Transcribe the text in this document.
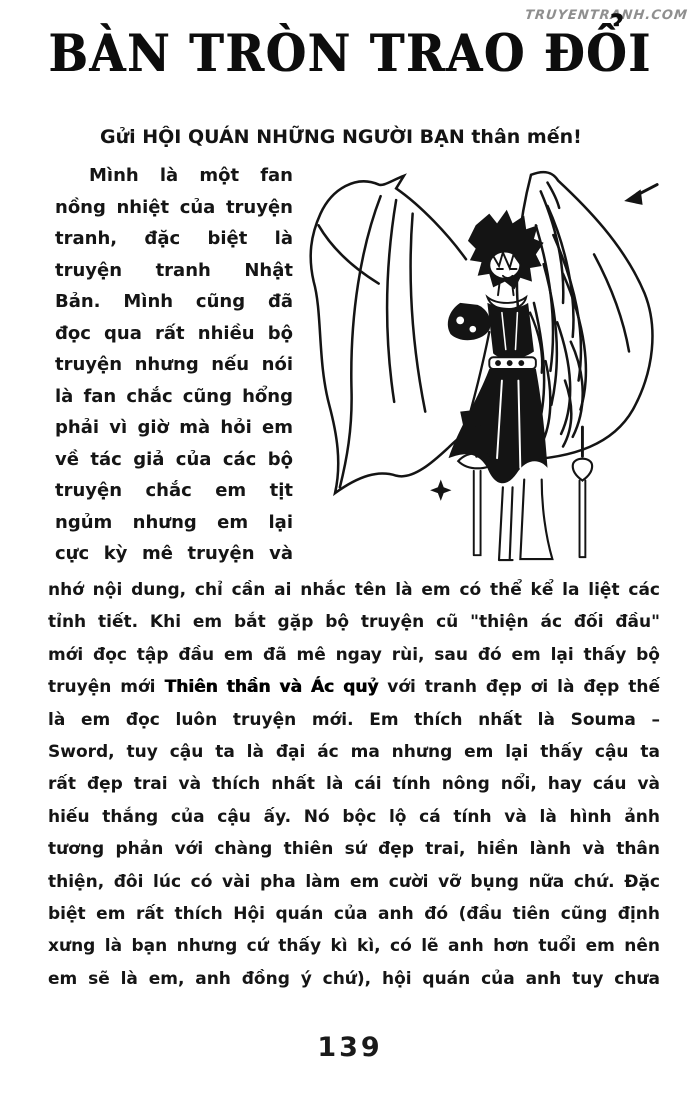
TRUYENTRANH.COM
BÀN TRÒN TRAO ĐỔI
Gửi HỘI QUÁN NHỮNG NGƯỜI BẠN thân mến!
Mình là một fan
nồng nhiệt của truyện
tranh, đặc biệt là
truyện tranh Nhật
Bản. Mình cũng đã
đọc qua rất nhiều bộ
truyện nhưng nếu nói
là fan chắc cũng hổng
phải vì giờ mà hỏi em
về tác giả của các bộ
truyện chắc em tịt
ngủm nhưng em lại
cực kỳ mê truyện và
nhớ nội dung, chỉ cần ai nhắc tên là em có thể kể la liệt các
tỉnh tiết. Khi em bắt gặp bộ truyện cũ "thiện ác đối đầu"
mới đọc tập đầu em đã mê ngay rùi, sau đó em lại thấy bộ
truyện mới Thiên thần và Ác quỷ với tranh đẹp ơi là đẹp thế
là em đọc luôn truyện mới. Em thích nhất là Souma –
Sword, tuy cậu ta là đại ác ma nhưng em lại thấy cậu ta
rất đẹp trai và thích nhất là cái tính nông nổi, hay cáu và
hiếu thắng của cậu ấy. Nó bộc lộ cá tính và là hình ảnh
tương phản với chàng thiên sứ đẹp trai, hiền lành và thân
thiện, đôi lúc có vài pha làm em cười vỡ bụng nữa chứ. Đặc
biệt em rất thích Hội quán của anh đó (đầu tiên cũng định
xưng là bạn nhưng cứ thấy kì kì, có lẽ anh hơn tuổi em nên
em sẽ là em, anh đồng ý chứ), hội quán của anh tuy chưa
139
